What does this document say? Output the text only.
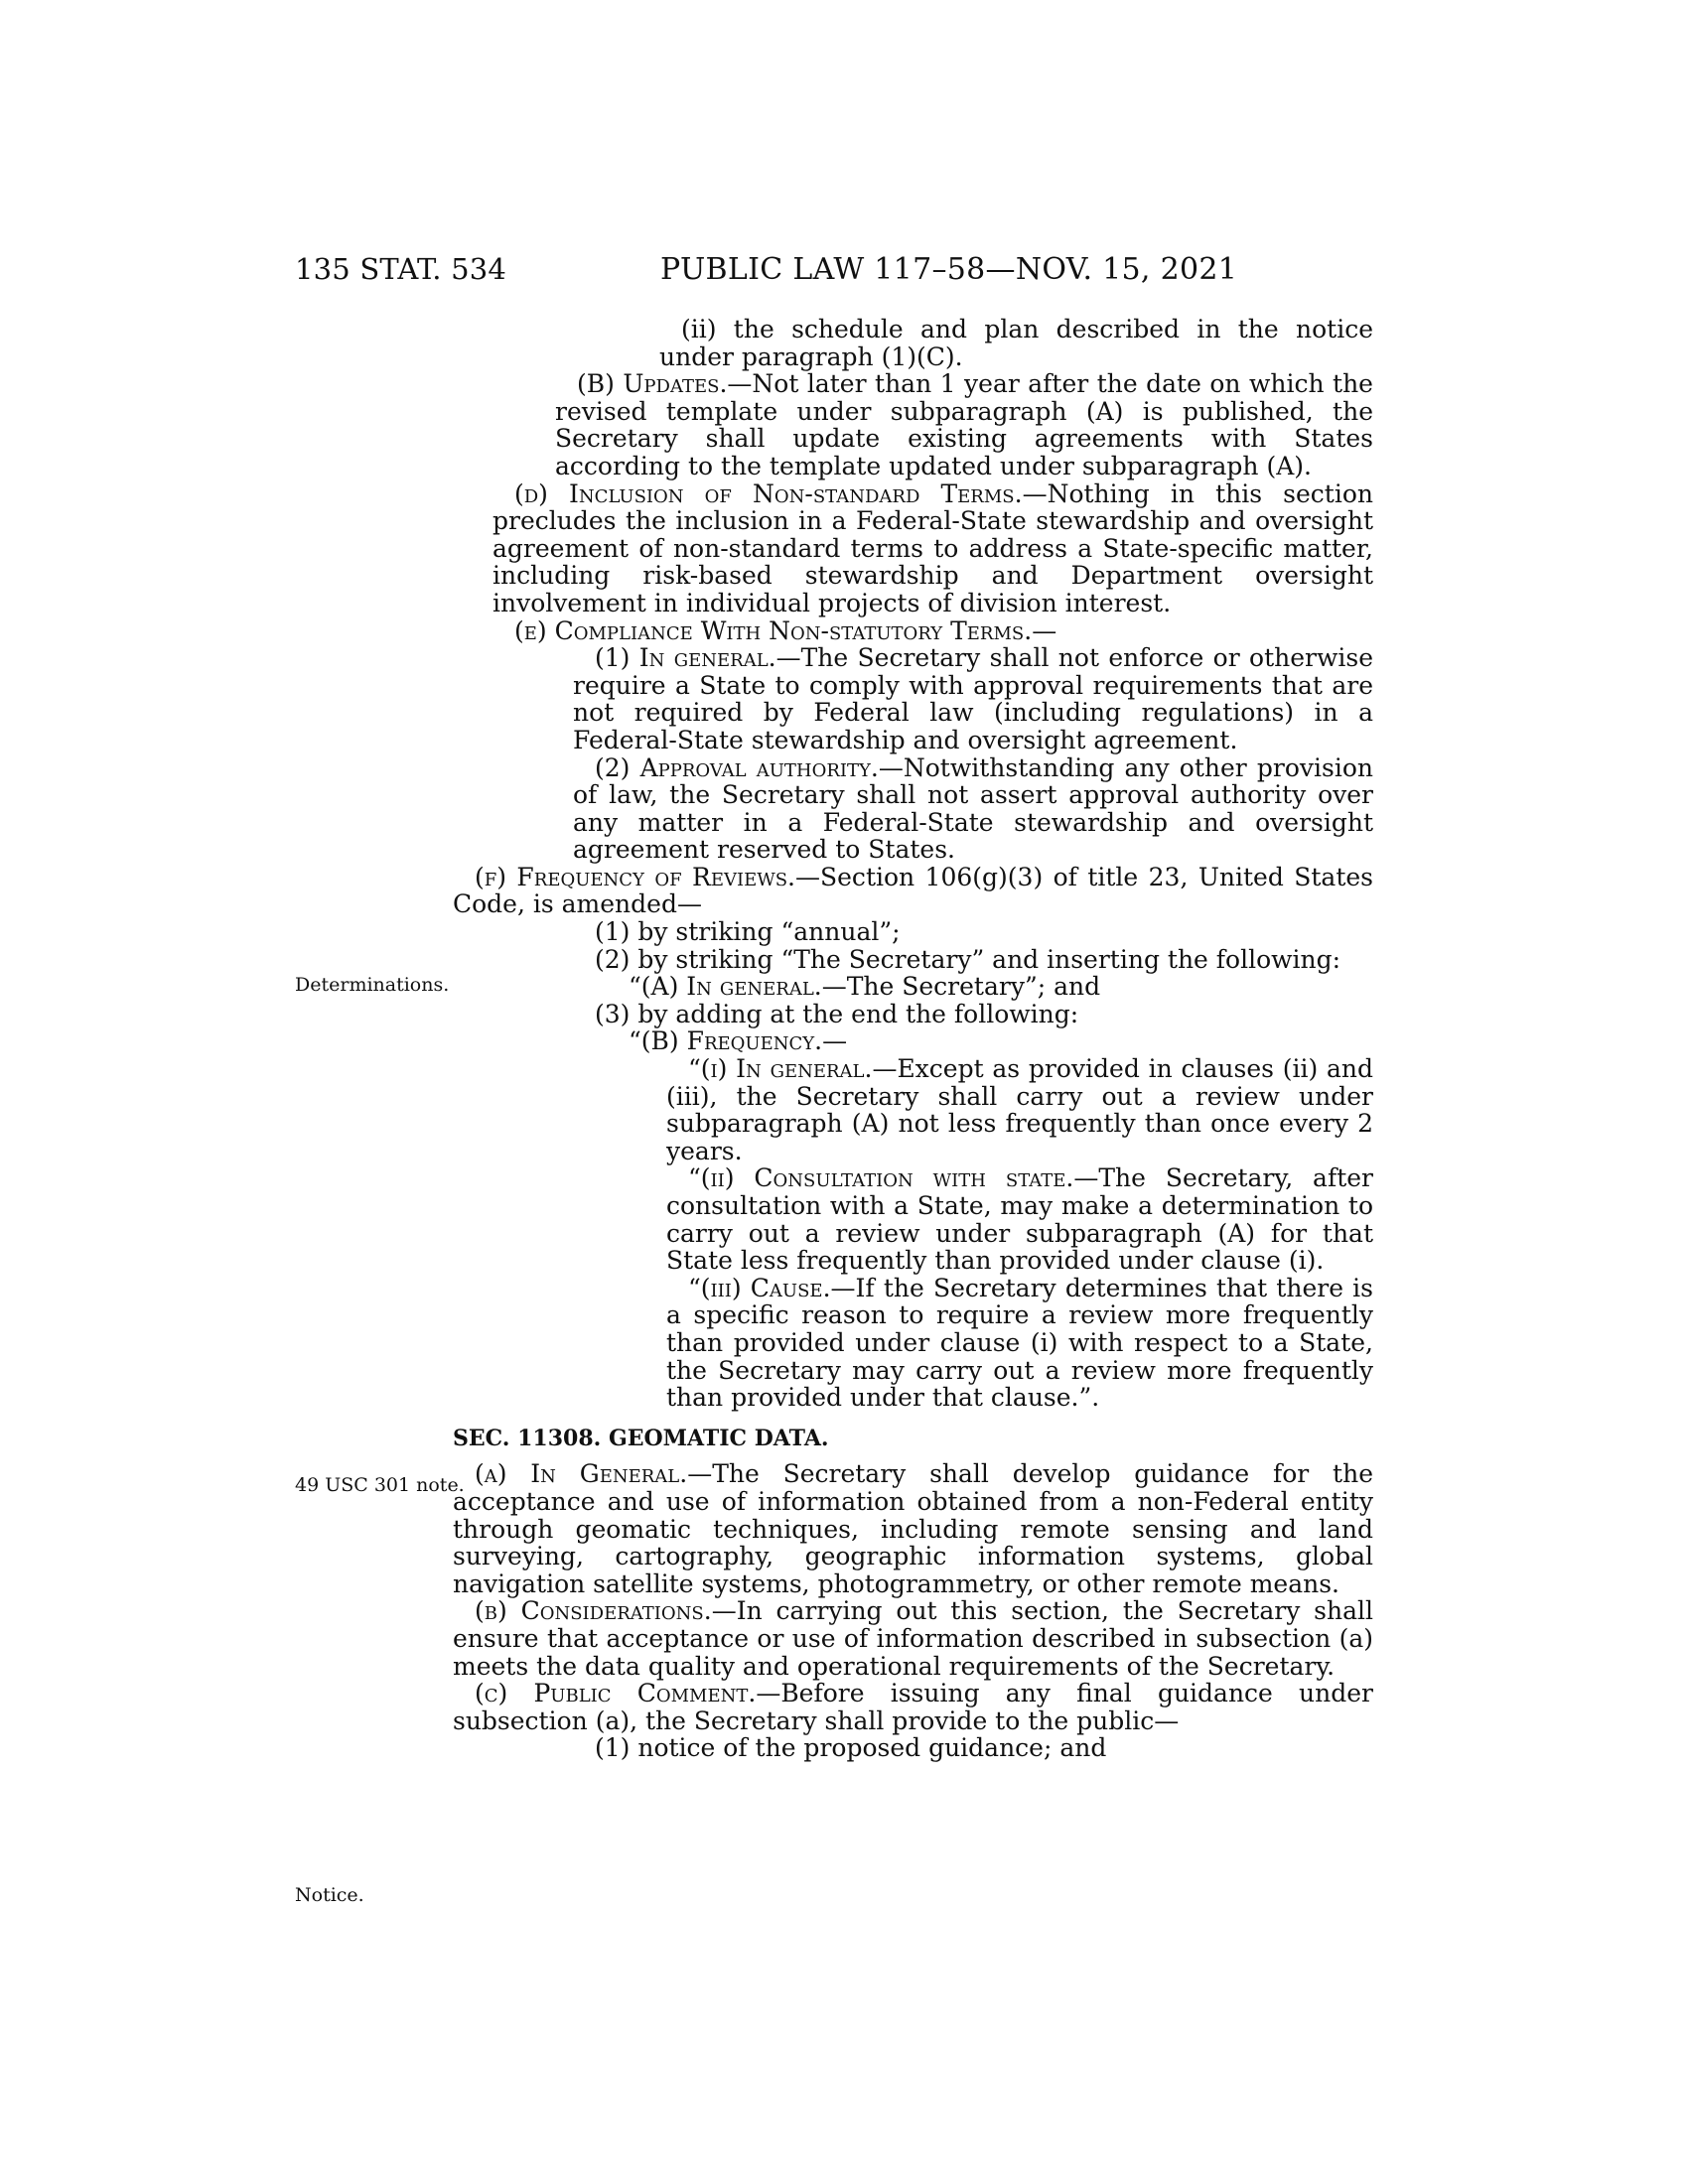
135 STAT. 534	PUBLIC LAW 117–58—NOV. 15, 2021
Determinations.
49 USC 301 note.
Notice.

(ii) the schedule and plan described in the notice under paragraph (1)(C).

(B) Updates.—Not later than 1 year after the date on which the revised template under subparagraph (A) is published, the Secretary shall update existing agreements with States according to the template updated under subparagraph (A).

(d) Inclusion of Non-standard Terms.—Nothing in this section precludes the inclusion in a Federal-State stewardship and oversight agreement of non-standard terms to address a State-specific matter, including risk-based stewardship and Department oversight involvement in individual projects of division interest.

(e) Compliance With Non-statutory Terms.—

(1) In general.—The Secretary shall not enforce or otherwise require a State to comply with approval requirements that are not required by Federal law (including regulations) in a Federal-State stewardship and oversight agreement.

(2) Approval authority.—Notwithstanding any other provision of law, the Secretary shall not assert approval authority over any matter in a Federal-State stewardship and oversight agreement reserved to States.

(f) Frequency of Reviews.—Section 106(g)(3) of title 23, United States Code, is amended—

(1) by striking “annual”;

(2) by striking “The Secretary” and inserting the following:

“(A) In general.—The Secretary”; and

(3) by adding at the end the following:

“(B) Frequency.—

“(i) In general.—Except as provided in clauses (ii) and (iii), the Secretary shall carry out a review under subparagraph (A) not less frequently than once every 2 years.

“(ii) Consultation with state.—The Secretary, after consultation with a State, may make a determination to carry out a review under subparagraph (A) for that State less frequently than provided under clause (i).

“(iii) Cause.—If the Secretary determines that there is a specific reason to require a review more frequently than provided under clause (i) with respect to a State, the Secretary may carry out a review more frequently than provided under that clause.”.

SEC. 11308. GEOMATIC DATA.

(a) In General.—The Secretary shall develop guidance for the acceptance and use of information obtained from a non-Federal entity through geomatic techniques, including remote sensing and land surveying, cartography, geographic information systems, global navigation satellite systems, photogrammetry, or other remote means.

(b) Considerations.—In carrying out this section, the Secretary shall ensure that acceptance or use of information described in subsection (a) meets the data quality and operational requirements of the Secretary.

(c) Public Comment.—Before issuing any final guidance under subsection (a), the Secretary shall provide to the public—

(1) notice of the proposed guidance; and
